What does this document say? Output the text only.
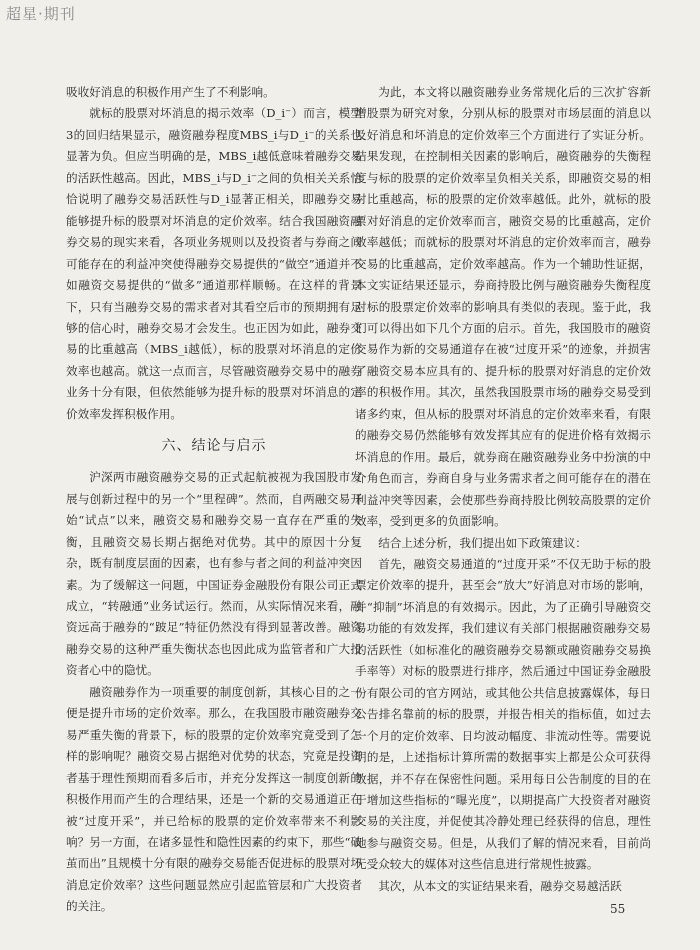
超星·期刊

吸收好消息的积极作用产生了不利影响。

就标的股票对坏消息的揭示效率（D_i⁻）而言，模型3的回归结果显示，融资融券程度MBS_i与D_i⁻的关系也显著为负。但应当明确的是，MBS_i越低意味着融券交易的活跃性越高。因此，MBS_i与D_i⁻之间的负相关关系恰恰说明了融券交易活跃性与D_i显著正相关，即融券交易能够提升标的股票对坏消息的定价效率。结合我国融资融券交易的现实来看，各项业务规则以及投资者与券商之间可能存在的利益冲突使得融券交易提供的“做空”通道并不如融资交易提供的“做多”通道那样顺畅。在这样的背景下，只有当融券交易的需求者对其看空后市的预期拥有足够的信心时，融券交易才会发生。也正因为如此，融券交易的比重越高（MBS_i越低），标的股票对坏消息的定价效率也越高。就这一点而言，尽管融资融券交易中的融券业务十分有限，但依然能够为提升标的股票对坏消息的定价效率发挥积极作用。

六、结论与启示

沪深两市融资融券交易的正式起航被视为我国股市发展与创新过程中的另一个“里程碑”。然而，自两融交易开始“试点”以来，融资交易和融券交易一直存在严重的失衡，且融资交易长期占据绝对优势。其中的原因十分复杂，既有制度层面的因素，也有参与者之间的利益冲突因素。为了缓解这一问题，中国证券金融股份有限公司正式成立，“转融通”业务试运行。然而，从实际情况来看，融资远高于融券的“跛足”特征仍然没有得到显著改善。融资融券交易的这种严重失衡状态也因此成为监管者和广大投资者心中的隐忧。

融资融券作为一项重要的制度创新，其核心目的之一便是提升市场的定价效率。那么，在我国股市融资融券交易严重失衡的背景下，标的股票的定价效率究竟受到了怎样的影响呢？融资交易占据绝对优势的状态，究竟是投资者基于理性预期而看多后市，并充分发挥这一制度创新的积极作用而产生的合理结果，还是一个新的交易通道正在被“过度开采”，并已给标的股票的定价效率带来不利影响？另一方面，在诸多显性和隐性因素的约束下，那些“破茧而出”且规模十分有限的融券交易能否促进标的股票对坏消息定价效率？这些问题显然应引起监管层和广大投资者的关注。

为此，本文将以融资融券业务常规化后的三次扩容新增股票为研究对象，分别从标的股票对市场层面的消息以及好消息和坏消息的定价效率三个方面进行了实证分析。结果发现，在控制相关因素的影响后，融资融券的失衡程度与标的股票的定价效率呈负相关关系，即融资交易的相对比重越高，标的股票的定价效率越低。此外，就标的股票对好消息的定价效率而言，融资交易的比重越高，定价效率越低；而就标的股票对坏消息的定价效率而言，融券交易的比重越高，定价效率越高。作为一个辅助性证据，本文实证结果还显示，券商持股比例与融资融券失衡程度对标的股票定价效率的影响具有类似的表现。鉴于此，我们可以得出如下几个方面的启示。首先，我国股市的融资交易作为新的交易通道存在被“过度开采”的迹象，并损害了融资交易本应具有的、提升标的股票对好消息的定价效率的积极作用。其次，虽然我国股票市场的融券交易受到诸多约束，但从标的股票对坏消息的定价效率来看，有限的融券交易仍然能够有效发挥其应有的促进价格有效揭示坏消息的作用。最后，就券商在融资融券业务中扮演的中介角色而言，券商自身与业务需求者之间可能存在的潜在利益冲突等因素，会使那些券商持股比例较高股票的定价效率，受到更多的负面影响。

结合上述分析，我们提出如下政策建议：

首先，融资交易通道的“过度开采”不仅无助于标的股票定价效率的提升，甚至会“放大”好消息对市场的影响，并“抑制”坏消息的有效揭示。因此，为了正确引导融资交易功能的有效发挥，我们建议有关部门根据融资融券交易的活跃性（如标准化的融资融券交易额或融资融券交易换手率等）对标的股票进行排序，然后通过中国证券金融股份有限公司的官方网站，或其他公共信息披露媒体，每日公告排名靠前的标的股票，并报告相关的指标值，如过去一个月的定价效率、日均波动幅度、非流动性等。需要说明的是，上述指标计算所需的数据事实上都是公众可获得数据，并不存在保密性问题。采用每日公告制度的目的在于增加这些指标的“曝光度”，以期提高广大投资者对融资交易的关注度，并促使其冷静处理已经获得的信息，理性地参与融资交易。但是，从我们了解的情况来看，目前尚无受众较大的媒体对这些信息进行常规性披露。

其次，从本文的实证结果来看，融券交易越活跃

55
